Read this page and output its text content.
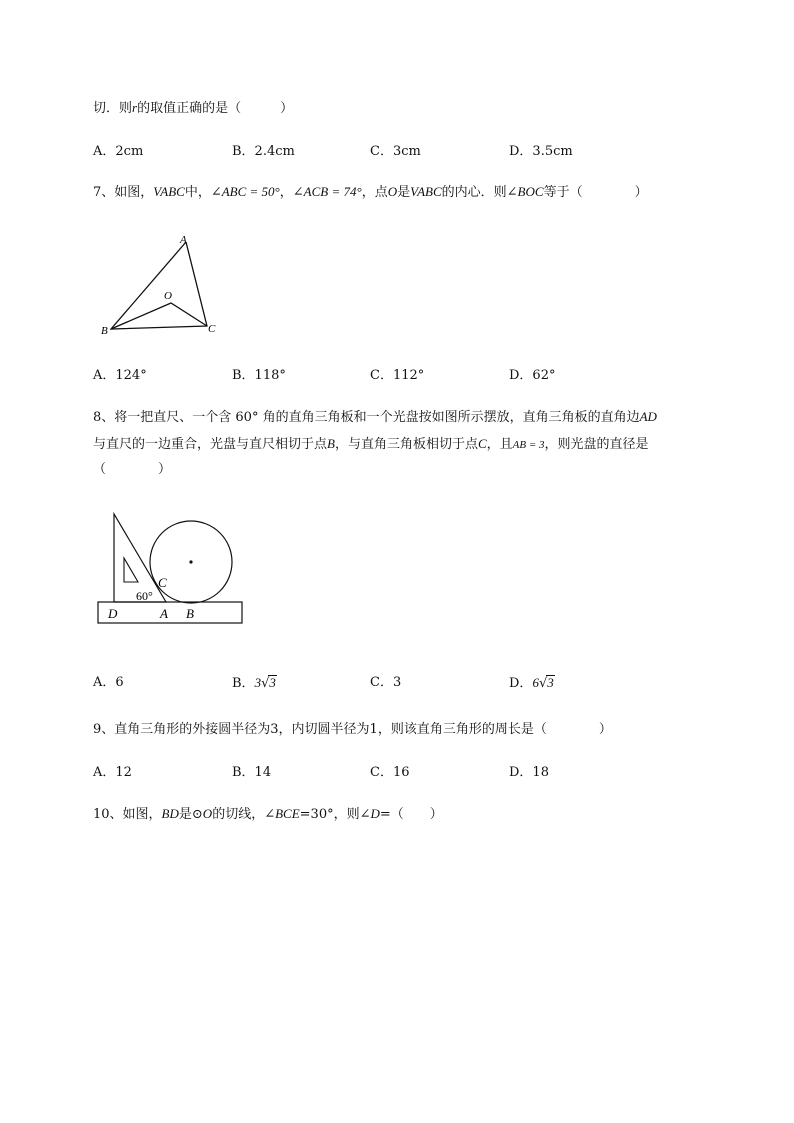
切．则r的取值正确的是（　　　）
A．2cm	B．2.4cm	C．3cm	D．3.5cm
7、如图，VABC中，∠ABC = 50°，∠ACB = 74°，点O是VABC的内心．则∠BOC等于（　　　　）
A
B	C
O
A．124°	B．118°	C．112°	D．62°
8、将一把直尺、一个含 60° 角的直角三角板和一个光盘按如图所示摆放，直角三角板的直角边AD
与直尺的一边重合，光盘与直尺相切于点B，与直角三角板相切于点C，且AB = 3，则光盘的直径是
（　　　　）
C
60°
D	A B
A．6	B．3√3	C．3	D．6√3
9、直角三角形的外接圆半径为3，内切圆半径为1，则该直角三角形的周长是（　　　　）
A．12	B．14	C．16	D．18
10、如图，BD是⊙O的切线，∠BCE=30°，则∠D=（　　）
